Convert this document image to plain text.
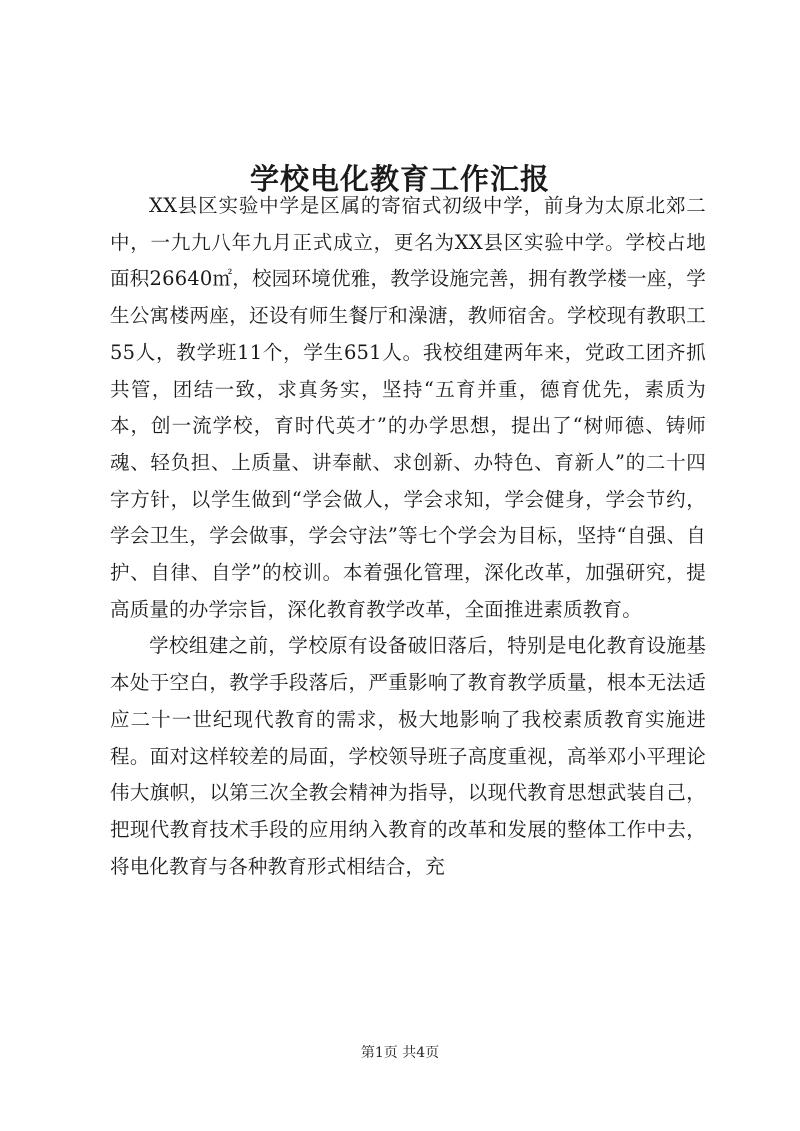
学校电化教育工作汇报

XX县区实验中学是区属的寄宿式初级中学，前身为太原北郊二中，一九九八年九月正式成立，更名为XX县区实验中学。学校占地面积26640㎡，校园环境优雅，教学设施完善，拥有教学楼一座，学生公寓楼两座，还设有师生餐厅和澡溏，教师宿舍。学校现有教职工55人，教学班11个，学生651人。我校组建两年来，党政工团齐抓共管，团结一致，求真务实，坚持“五育并重，德育优先，素质为本，创一流学校，育时代英才”的办学思想，提出了“树师德、铸师魂、轻负担、上质量、讲奉献、求创新、办特色、育新人”的二十四字方针，以学生做到“学会做人，学会求知，学会健身，学会节约，学会卫生，学会做事，学会守法”等七个学会为目标，坚持“自强、自护、自律、自学”的校训。本着强化管理，深化改革，加强研究，提高质量的办学宗旨，深化教育教学改革，全面推进素质教育。

学校组建之前，学校原有设备破旧落后，特别是电化教育设施基本处于空白，教学手段落后，严重影响了教育教学质量，根本无法适应二十一世纪现代教育的需求，极大地影响了我校素质教育实施进程。面对这样较差的局面，学校领导班子高度重视，高举邓小平理论伟大旗帜，以第三次全教会精神为指导，以现代教育思想武装自己，把现代教育技术手段的应用纳入教育的改革和发展的整体工作中去，将电化教育与各种教育形式相结合，充

第1页 共4页
